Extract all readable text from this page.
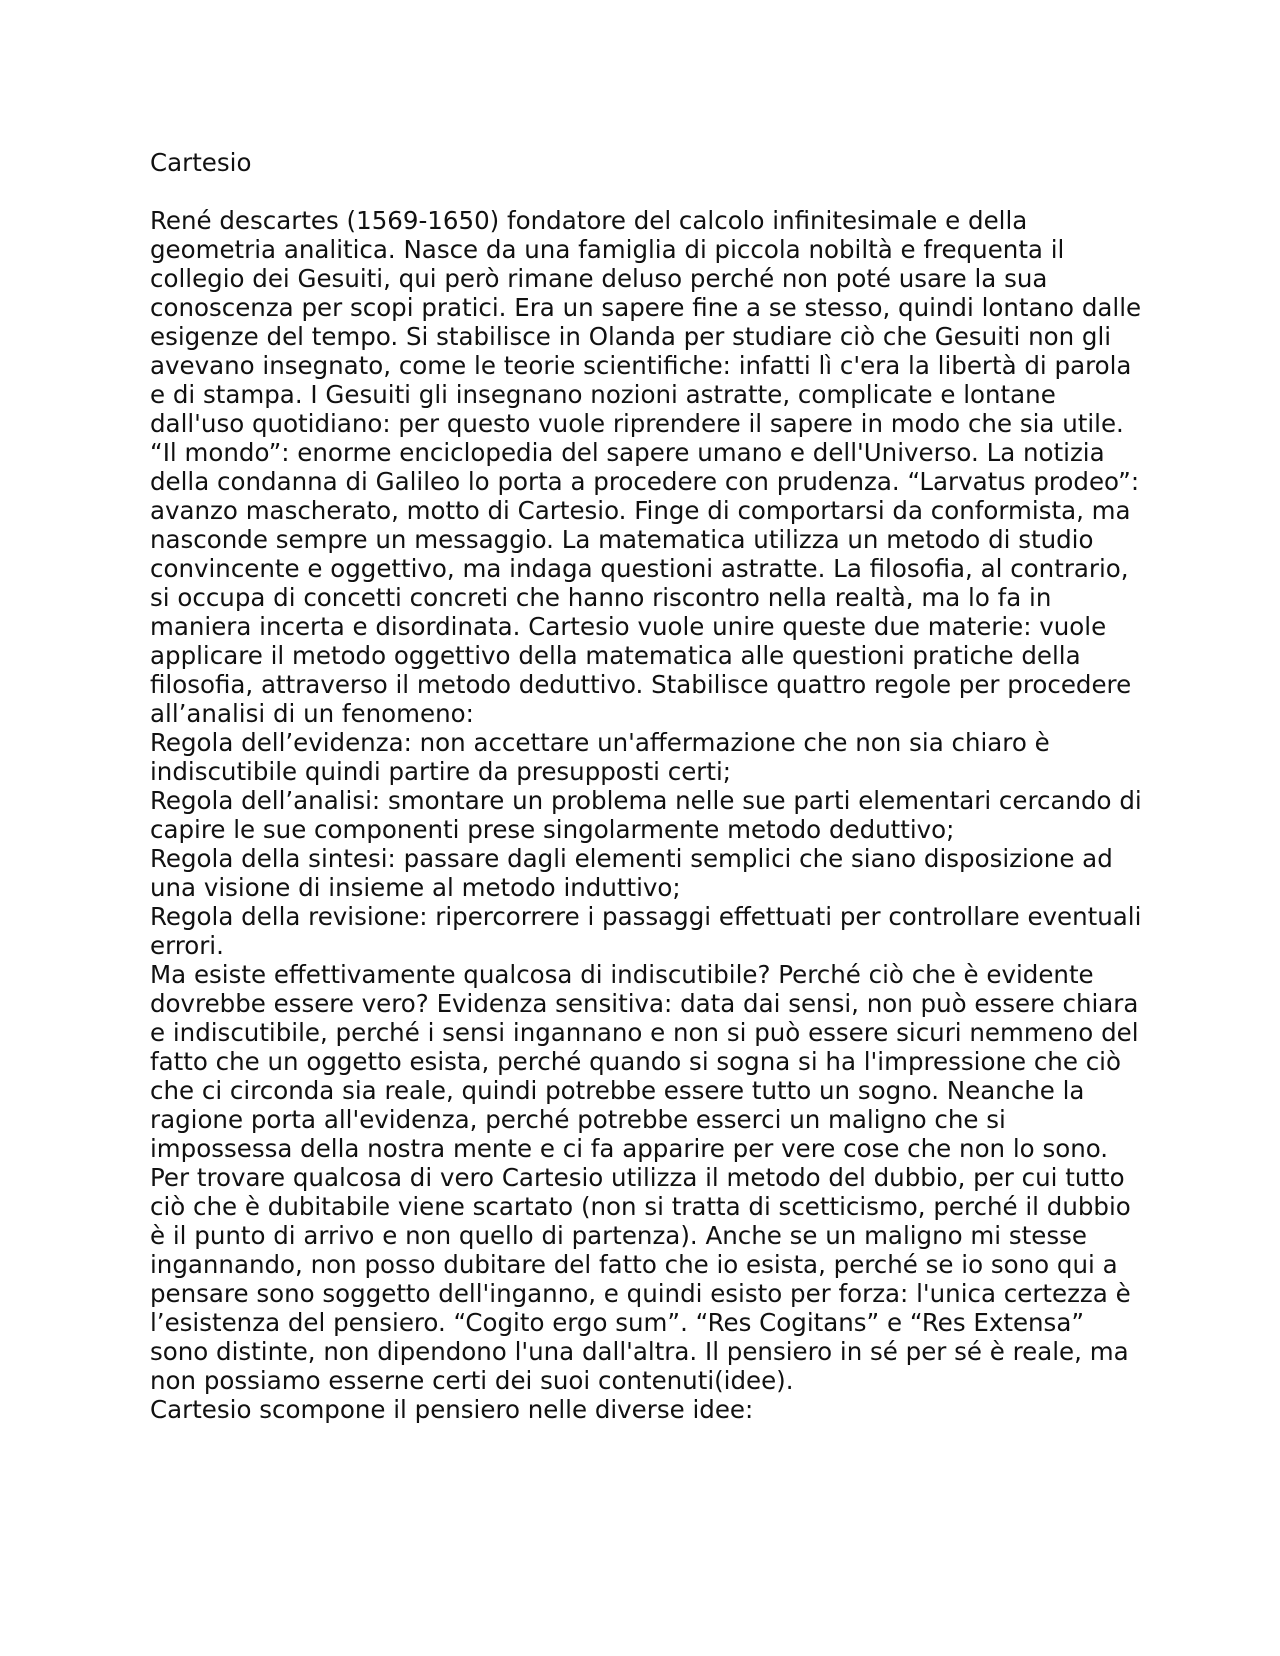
Cartesio

René descartes (1569-1650) fondatore del calcolo infinitesimale e della geometria analitica. Nasce da una famiglia di piccola nobiltà e frequenta il collegio dei Gesuiti, qui però rimane deluso perché non poté usare la sua conoscenza per scopi pratici. Era un sapere fine a se stesso, quindi lontano dalle esigenze del tempo. Si stabilisce in Olanda per studiare ciò che Gesuiti non gli avevano insegnato, come le teorie scientifiche: infatti lì c'era la libertà di parola e di stampa. I Gesuiti gli insegnano nozioni astratte, complicate e lontane dall'uso quotidiano: per questo vuole riprendere il sapere in modo che sia utile. “Il mondo”: enorme enciclopedia del sapere umano e dell'Universo. La notizia della condanna di Galileo lo porta a procedere con prudenza. “Larvatus prodeo”: avanzo mascherato, motto di Cartesio. Finge di comportarsi da conformista, ma nasconde sempre un messaggio. La matematica utilizza un metodo di studio convincente e oggettivo, ma indaga questioni astratte. La filosofia, al contrario, si occupa di concetti concreti che hanno riscontro nella realtà, ma lo fa in maniera incerta e disordinata. Cartesio vuole unire queste due materie: vuole applicare il metodo oggettivo della matematica alle questioni pratiche della filosofia, attraverso il metodo deduttivo. Stabilisce quattro regole per procedere all’analisi di un fenomeno:

Regola dell’evidenza: non accettare un'affermazione che non sia chiaro è indiscutibile quindi partire da presupposti certi;

Regola dell’analisi: smontare un problema nelle sue parti elementari cercando di capire le sue componenti prese singolarmente metodo deduttivo;

Regola della sintesi: passare dagli elementi semplici che siano disposizione ad una visione di insieme al metodo induttivo;

Regola della revisione: ripercorrere i passaggi effettuati per controllare eventuali errori.

Ma esiste effettivamente qualcosa di indiscutibile? Perché ciò che è evidente dovrebbe essere vero? Evidenza sensitiva: data dai sensi, non può essere chiara e indiscutibile, perché i sensi ingannano e non si può essere sicuri nemmeno del fatto che un oggetto esista, perché quando si sogna si ha l'impressione che ciò che ci circonda sia reale, quindi potrebbe essere tutto un sogno. Neanche la ragione porta all'evidenza, perché potrebbe esserci un maligno che si impossessa della nostra mente e ci fa apparire per vere cose che non lo sono. Per trovare qualcosa di vero Cartesio utilizza il metodo del dubbio, per cui tutto ciò che è dubitabile viene scartato (non si tratta di scetticismo, perché il dubbio è il punto di arrivo e non quello di partenza). Anche se un maligno mi stesse ingannando, non posso dubitare del fatto che io esista, perché se io sono qui a pensare sono soggetto dell'inganno, e quindi esisto per forza: l'unica certezza è l’esistenza del pensiero. “Cogito ergo sum”. “Res Cogitans” e “Res Extensa” sono distinte, non dipendono l'una dall'altra. Il pensiero in sé per sé è reale, ma non possiamo esserne certi dei suoi contenuti(idee).

Cartesio scompone il pensiero nelle diverse idee:
